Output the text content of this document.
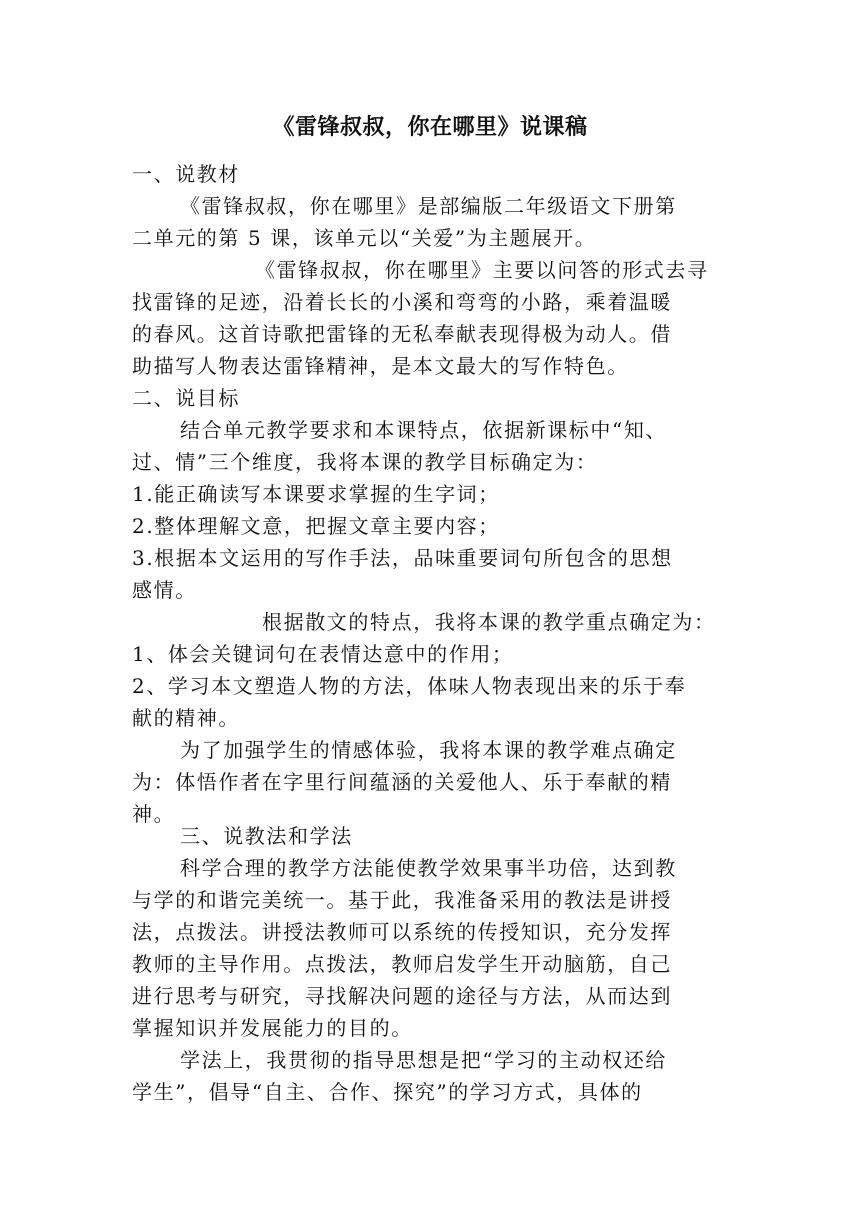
《雷锋叔叔，你在哪里》说课稿
一、说教材
《雷锋叔叔，你在哪里》是部编版二年级语文下册第
二单元的第 5 课，该单元以“关爱”为主题展开。
《雷锋叔叔，你在哪里》主要以问答的形式去寻
找雷锋的足迹，沿着长长的小溪和弯弯的小路，乘着温暖
的春风。这首诗歌把雷锋的无私奉献表现得极为动人。借
助描写人物表达雷锋精神，是本文最大的写作特色。
二、说目标
结合单元教学要求和本课特点，依据新课标中“知、
过、情”三个维度，我将本课的教学目标确定为：
1.能正确读写本课要求掌握的生字词；
2.整体理解文意，把握文章主要内容；
3.根据本文运用的写作手法，品味重要词句所包含的思想
感情。
根据散文的特点，我将本课的教学重点确定为：
1、体会关键词句在表情达意中的作用；
2、学习本文塑造人物的方法，体味人物表现出来的乐于奉
献的精神。
为了加强学生的情感体验，我将本课的教学难点确定
为：体悟作者在字里行间蕴涵的关爱他人、乐于奉献的精
神。
三、说教法和学法
科学合理的教学方法能使教学效果事半功倍，达到教
与学的和谐完美统一。基于此，我准备采用的教法是讲授
法，点拨法。讲授法教师可以系统的传授知识，充分发挥
教师的主导作用。点拨法，教师启发学生开动脑筋，自己
进行思考与研究，寻找解决问题的途径与方法，从而达到
掌握知识并发展能力的目的。
学法上，我贯彻的指导思想是把“学习的主动权还给
学生”，倡导“自主、合作、探究”的学习方式，具体的
